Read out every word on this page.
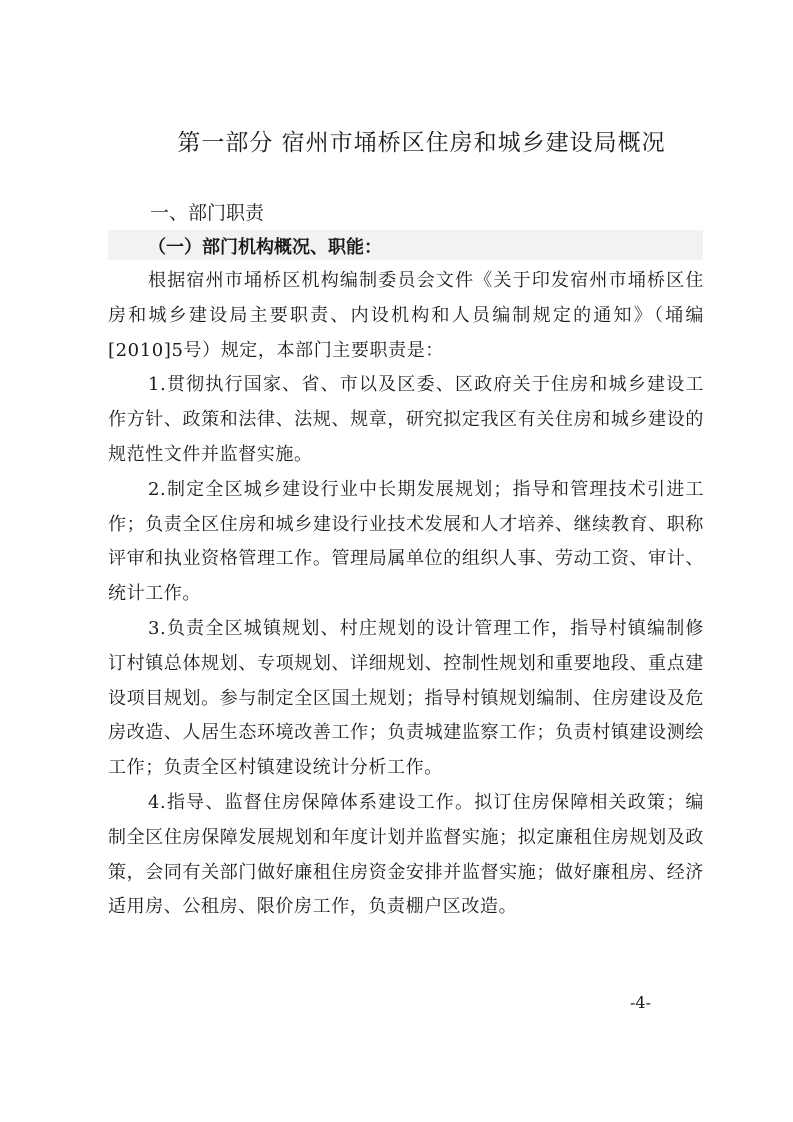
第一部分 宿州市埇桥区住房和城乡建设局概况
一、部门职责
（一）部门机构概况、职能：

根据宿州市埇桥区机构编制委员会文件《关于印发宿州市埇桥区住房和城乡建设局主要职责、内设机构和人员编制规定的通知》（埇编[2010]5号）规定，本部门主要职责是：

1.贯彻执行国家、省、市以及区委、区政府关于住房和城乡建设工作方针、政策和法律、法规、规章，研究拟定我区有关住房和城乡建设的规范性文件并监督实施。

2.制定全区城乡建设行业中长期发展规划；指导和管理技术引进工作；负责全区住房和城乡建设行业技术发展和人才培养、继续教育、职称评审和执业资格管理工作。管理局属单位的组织人事、劳动工资、审计、统计工作。

3.负责全区城镇规划、村庄规划的设计管理工作，指导村镇编制修订村镇总体规划、专项规划、详细规划、控制性规划和重要地段、重点建设项目规划。参与制定全区国土规划；指导村镇规划编制、住房建设及危房改造、人居生态环境改善工作；负责城建监察工作；负责村镇建设测绘工作；负责全区村镇建设统计分析工作。

4.指导、监督住房保障体系建设工作。拟订住房保障相关政策；编制全区住房保障发展规划和年度计划并监督实施；拟定廉租住房规划及政策，会同有关部门做好廉租住房资金安排并监督实施；做好廉租房、经济适用房、公租房、限价房工作，负责棚户区改造。

-4-
